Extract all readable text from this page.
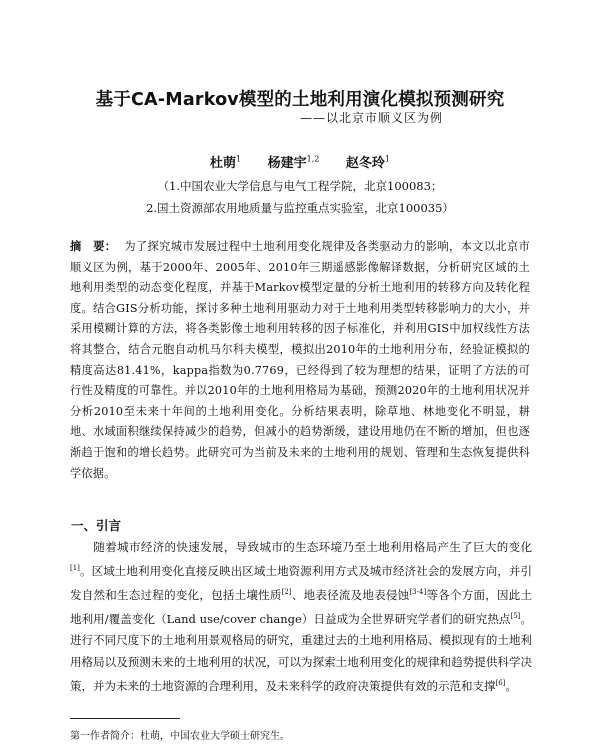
基于CA-Markov模型的土地利用演化模拟预测研究
——以北京市顺义区为例
杜萌$^1$ 杨建宇$^{1,2}$ 赵冬玲$^1$
（1.中国农业大学信息与电气工程学院，北京100083；
2.国土资源部农用地质量与监控重点实验室，北京100035）
摘　要： 为了探究城市发展过程中土地利用变化规律及各类驱动力的影响，本文以北京市顺义区为例，基于2000年、2005年、2010年三期遥感影像解译数据，分析研究区域的土地利用类型的动态变化程度，并基于Markov模型定量的分析土地利用的转移方向及转化程度。结合GIS分析功能，探讨多种土地利用驱动力对于土地利用类型转移影响力的大小，并采用模糊计算的方法，将各类影像土地利用转移的因子标准化，并利用GIS中加权线性方法将其整合，结合元胞自动机马尔科夫模型，模拟出2010年的土地利用分布，经验证模拟的精度高达81.41%，kappa指数为0.7769，已经得到了较为理想的结果，证明了方法的可行性及精度的可靠性。并以2010年的土地利用格局为基础，预测2020年的土地利用状况并分析2010至未来十年间的土地利用变化。分析结果表明，除草地、林地变化不明显，耕地、水域面积继续保持减少的趋势，但减小的趋势渐缓，建设用地仍在不断的增加，但也逐渐趋于饱和的增长趋势。此研究可为当前及未来的土地利用的规划、管理和生态恢复提供科学依据。
一、引言
  随着城市经济的快速发展，导致城市的生态环境乃至土地利用格局产生了巨大的变化[1]。区域土地利用变化直接反映出区域土地资源利用方式及城市经济社会的发展方向，并引发自然和生态过程的变化，包括土壤性质[2]、地表径流及地表侵蚀[3-4]等各个方面，因此土地利用/覆盖变化（Land use/cover change）日益成为全世界研究学者们的研究热点[5]。进行不同尺度下的土地利用景观格局的研究，重建过去的土地利用格局、模拟现有的土地利用格局以及预测未来的土地利用的状况，可以为探索土地利用变化的规律和趋势提供科学决策，并为未来的土地资源的合理利用，及未来科学的政府决策提供有效的示范和支撑[6]。
第一作者简介：杜萌，中国农业大学硕士研究生。
